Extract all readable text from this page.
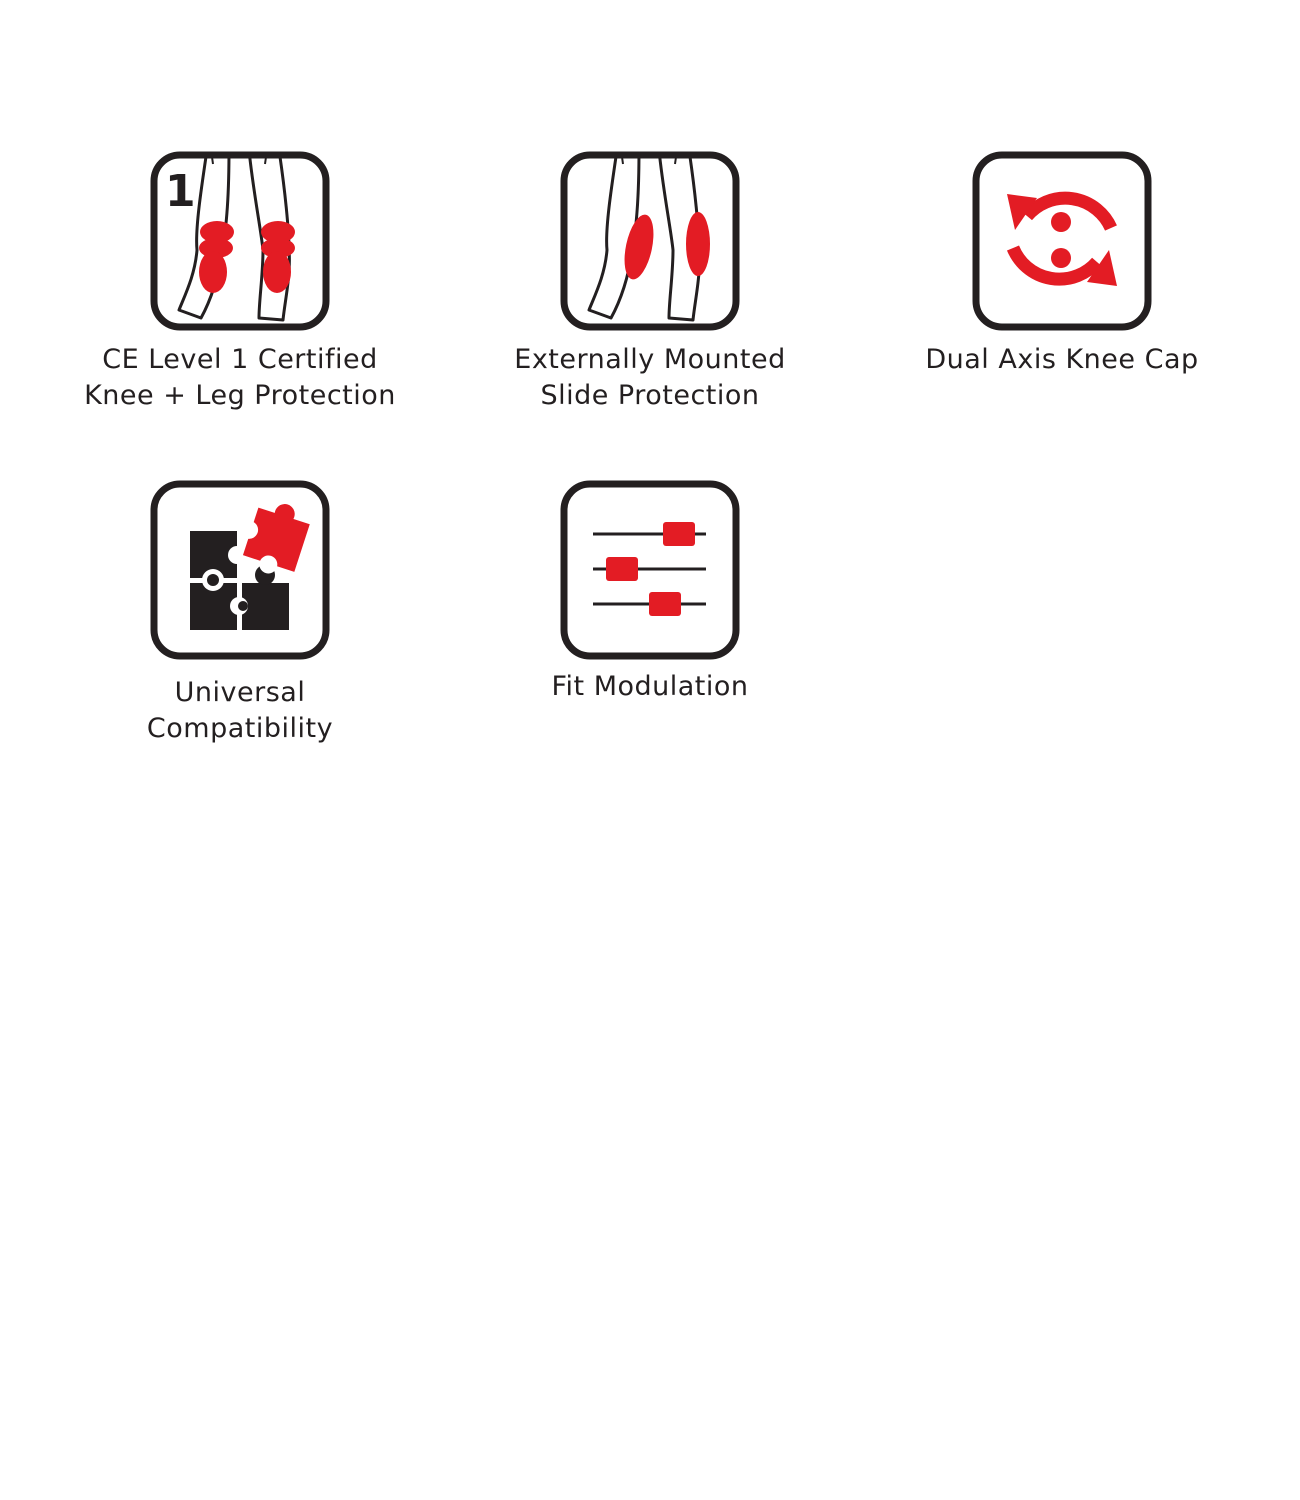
1
CE Level 1 Certified
Knee + Leg Protection
Externally Mounted
Slide Protection
Dual Axis Knee Cap
Universal
Compatibility
Fit Modulation
